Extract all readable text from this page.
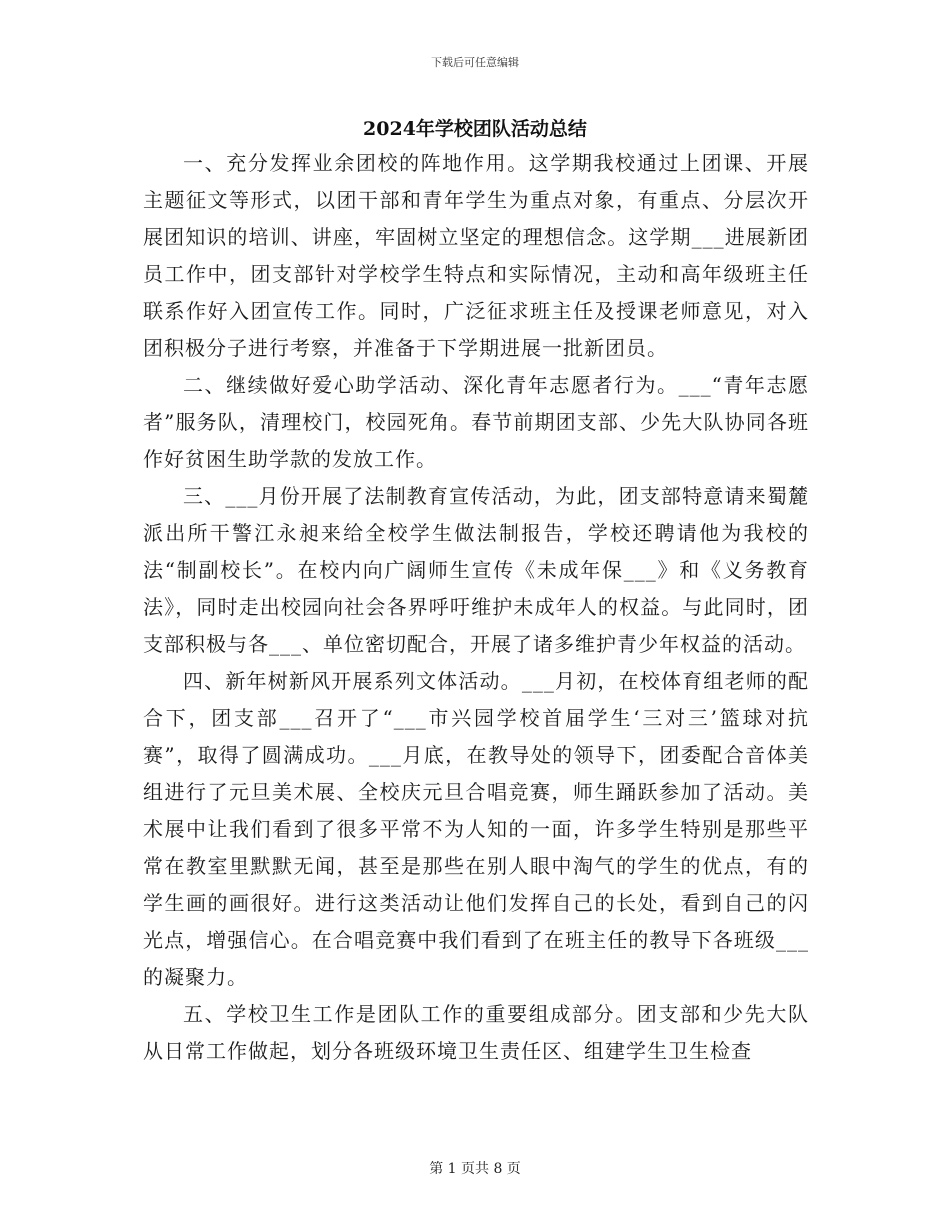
下载后可任意编辑
2024年学校团队活动总结

一、充分发挥业余团校的阵地作用。这学期我校通过上团课、开展主题征文等形式，以团干部和青年学生为重点对象，有重点、分层次开展团知识的培训、讲座，牢固树立坚定的理想信念。这学期___进展新团员工作中，团支部针对学校学生特点和实际情况，主动和高年级班主任联系作好入团宣传工作。同时，广泛征求班主任及授课老师意见，对入团积极分子进行考察，并准备于下学期进展一批新团员。

二、继续做好爱心助学活动、深化青年志愿者行为。___“青年志愿者”服务队，清理校门，校园死角。春节前期团支部、少先大队协同各班作好贫困生助学款的发放工作。

三、___月份开展了法制教育宣传活动，为此，团支部特意请来蜀麓派出所干警江永昶来给全校学生做法制报告，学校还聘请他为我校的法“制副校长”。在校内向广阔师生宣传《未成年保___》和《义务教育法》，同时走出校园向社会各界呼吁维护未成年人的权益。与此同时，团支部积极与各___、单位密切配合，开展了诸多维护青少年权益的活动。

四、新年树新风开展系列文体活动。___月初，在校体育组老师的配合下，团支部___召开了“___市兴园学校首届学生‘三对三’篮球对抗赛”，取得了圆满成功。___月底，在教导处的领导下，团委配合音体美组进行了元旦美术展、全校庆元旦合唱竞赛，师生踊跃参加了活动。美术展中让我们看到了很多平常不为人知的一面，许多学生特别是那些平常在教室里默默无闻，甚至是那些在别人眼中淘气的学生的优点，有的学生画的画很好。进行这类活动让他们发挥自己的长处，看到自己的闪光点，增强信心。在合唱竞赛中我们看到了在班主任的教导下各班级___的凝聚力。

五、学校卫生工作是团队工作的重要组成部分。团支部和少先大队从日常工作做起，划分各班级环境卫生责任区、组建学生卫生检查

第 1 页共 8 页
